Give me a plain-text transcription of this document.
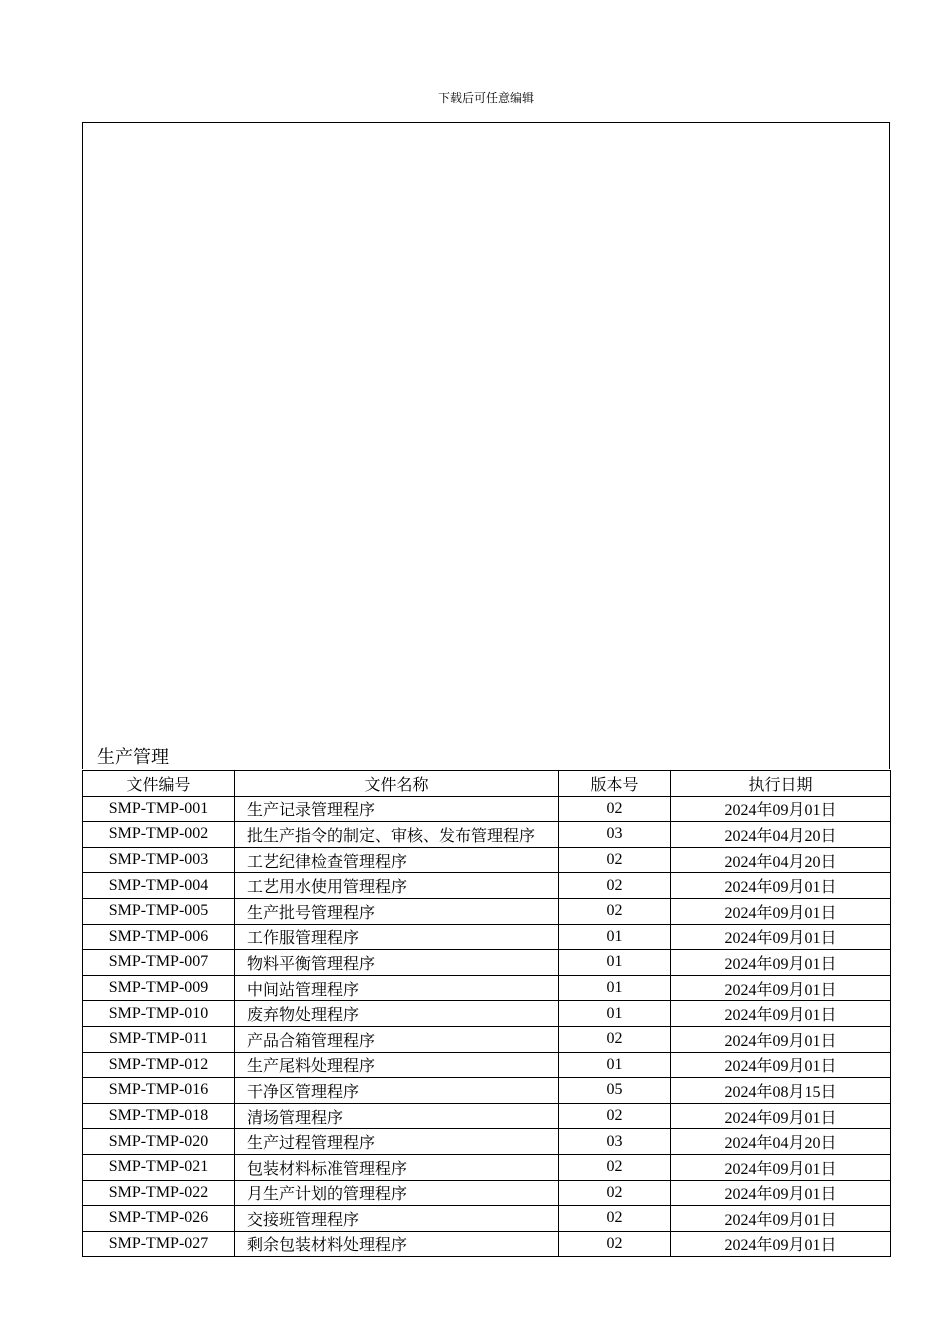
下载后可任意编辑
生产管理
文件编号	文件名称	版本号	执行日期
SMP-TMP-001	生产记录管理程序	02	2024年09月01日
SMP-TMP-002	批生产指令的制定、审核、发布管理程序	03	2024年04月20日
SMP-TMP-003	工艺纪律检查管理程序	02	2024年04月20日
SMP-TMP-004	工艺用水使用管理程序	02	2024年09月01日
SMP-TMP-005	生产批号管理程序	02	2024年09月01日
SMP-TMP-006	工作服管理程序	01	2024年09月01日
SMP-TMP-007	物料平衡管理程序	01	2024年09月01日
SMP-TMP-009	中间站管理程序	01	2024年09月01日
SMP-TMP-010	废弃物处理程序	01	2024年09月01日
SMP-TMP-011	产品合箱管理程序	02	2024年09月01日
SMP-TMP-012	生产尾料处理程序	01	2024年09月01日
SMP-TMP-016	干净区管理程序	05	2024年08月15日
SMP-TMP-018	清场管理程序	02	2024年09月01日
SMP-TMP-020	生产过程管理程序	03	2024年04月20日
SMP-TMP-021	包装材料标准管理程序	02	2024年09月01日
SMP-TMP-022	月生产计划的管理程序	02	2024年09月01日
SMP-TMP-026	交接班管理程序	02	2024年09月01日
SMP-TMP-027	剩余包装材料处理程序	02	2024年09月01日
